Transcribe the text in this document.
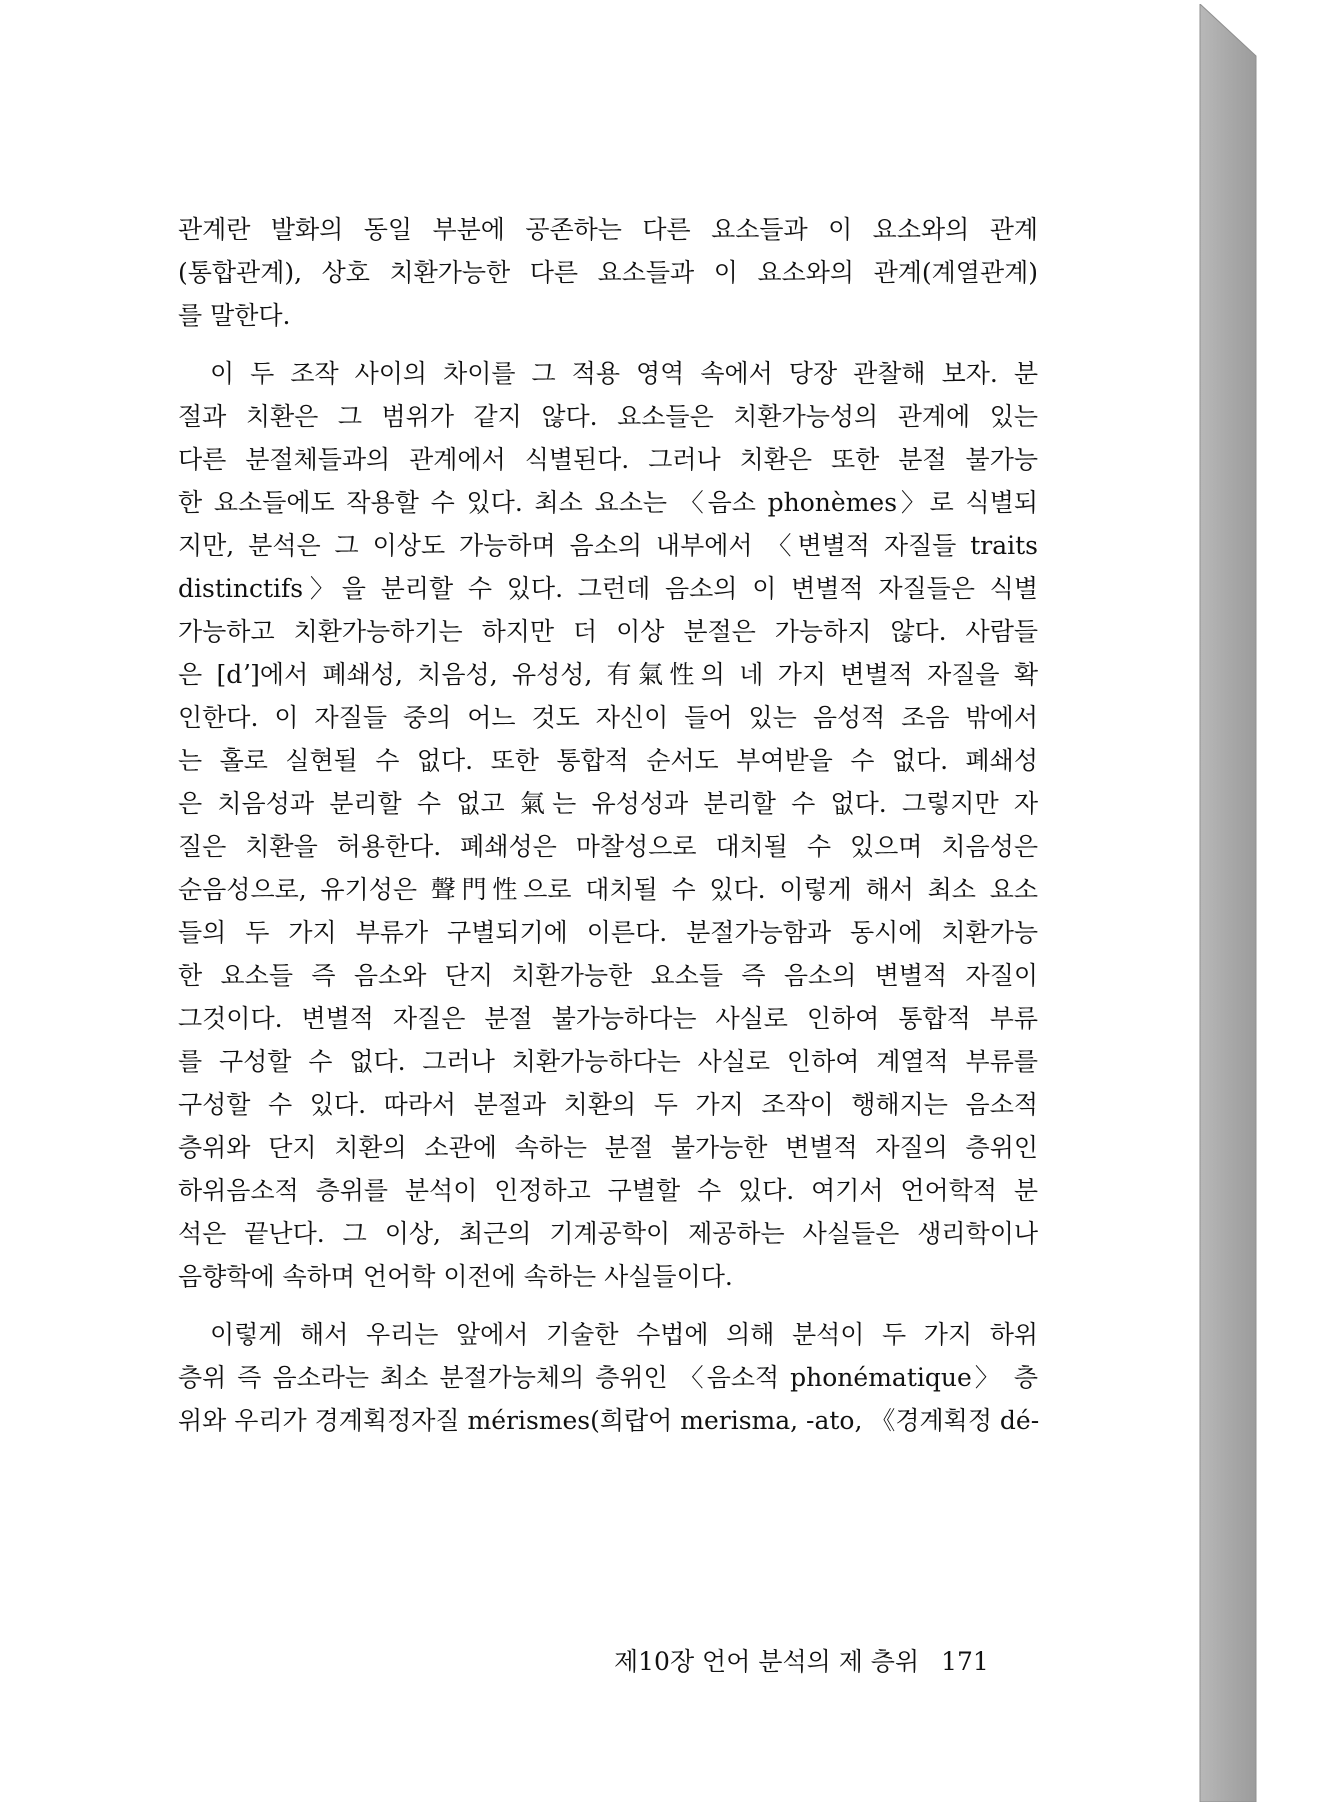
관계란 발화의 동일 부분에 공존하는 다른 요소들과 이 요소와의 관계
(통합관계), 상호 치환가능한 다른 요소들과 이 요소와의 관계(계열관계)
를 말한다.
이 두 조작 사이의 차이를 그 적용 영역 속에서 당장 관찰해 보자. 분
절과 치환은 그 범위가 같지 않다. 요소들은 치환가능성의 관계에 있는
다른 분절체들과의 관계에서 식별된다. 그러나 치환은 또한 분절 불가능
한 요소들에도 작용할 수 있다. 최소 요소는 〈음소 phonèmes〉로 식별되
지만, 분석은 그 이상도 가능하며 음소의 내부에서 〈변별적 자질들 traits
distinctifs〉을 분리할 수 있다. 그런데 음소의 이 변별적 자질들은 식별
가능하고 치환가능하기는 하지만 더 이상 분절은 가능하지 않다. 사람들
은 [dʼ]에서 폐쇄성, 치음성, 유성성, 有氣性의 네 가지 변별적 자질을 확
인한다. 이 자질들 중의 어느 것도 자신이 들어 있는 음성적 조음 밖에서
는 홀로 실현될 수 없다. 또한 통합적 순서도 부여받을 수 없다. 폐쇄성
은 치음성과 분리할 수 없고 氣는 유성성과 분리할 수 없다. 그렇지만 자
질은 치환을 허용한다. 폐쇄성은 마찰성으로 대치될 수 있으며 치음성은
순음성으로, 유기성은 聲門性으로 대치될 수 있다. 이렇게 해서 최소 요소
들의 두 가지 부류가 구별되기에 이른다. 분절가능함과 동시에 치환가능
한 요소들 즉 음소와 단지 치환가능한 요소들 즉 음소의 변별적 자질이
그것이다. 변별적 자질은 분절 불가능하다는 사실로 인하여 통합적 부류
를 구성할 수 없다. 그러나 치환가능하다는 사실로 인하여 계열적 부류를
구성할 수 있다. 따라서 분절과 치환의 두 가지 조작이 행해지는 음소적
층위와 단지 치환의 소관에 속하는 분절 불가능한 변별적 자질의 층위인
하위음소적 층위를 분석이 인정하고 구별할 수 있다. 여기서 언어학적 분
석은 끝난다. 그 이상, 최근의 기계공학이 제공하는 사실들은 생리학이나
음향학에 속하며 언어학 이전에 속하는 사실들이다.
이렇게 해서 우리는 앞에서 기술한 수법에 의해 분석이 두 가지 하위
층위 즉 음소라는 최소 분절가능체의 층위인 〈음소적 phonématique〉 층
위와 우리가 경계획정자질 mérismes(희랍어 merisma, -ato, 《경계획정 dé-
제10장 언어 분석의 제 층위 171
